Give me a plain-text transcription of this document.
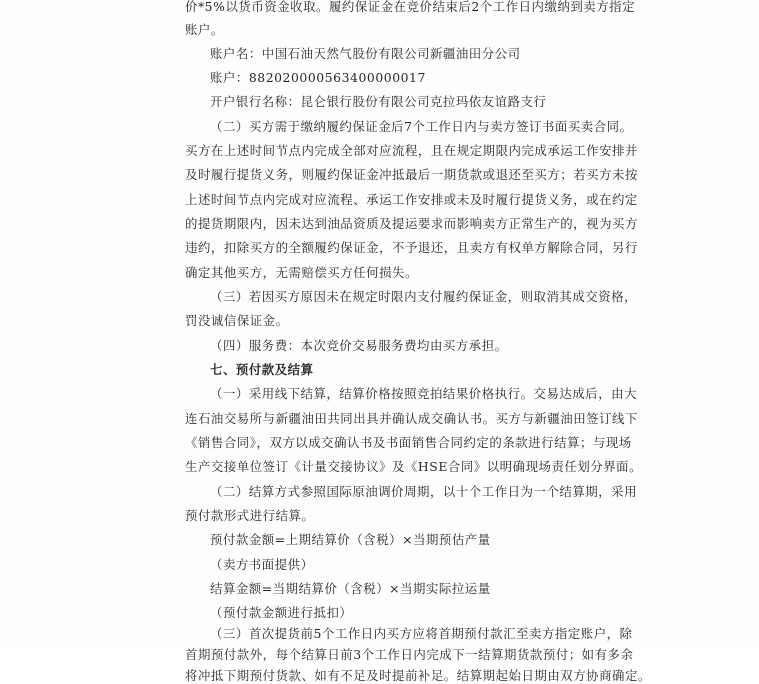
价*5%以货币资金收取。履约保证金在竞价结束后2个工作日内缴纳到卖方指定
账户。
账户名：中国石油天然气股份有限公司新疆油田分公司
账户：882020000563400000017
开户银行名称：昆仑银行股份有限公司克拉玛依友谊路支行
（二）买方需于缴纳履约保证金后7个工作日内与卖方签订书面买卖合同。
买方在上述时间节点内完成全部对应流程，且在规定期限内完成承运工作安排并
及时履行提货义务，则履约保证金冲抵最后一期货款或退还至买方；若买方未按
上述时间节点内完成对应流程、承运工作安排或未及时履行提货义务，或在约定
的提货期限内，因未达到油品资质及提运要求而影响卖方正常生产的，视为买方
违约，扣除买方的全额履约保证金，不予退还，且卖方有权单方解除合同，另行
确定其他买方，无需赔偿买方任何损失。
（三）若因买方原因未在规定时限内支付履约保证金，则取消其成交资格，
罚没诚信保证金。
（四）服务费：本次竞价交易服务费均由买方承担。
七、预付款及结算
（一）采用线下结算，结算价格按照竞拍结果价格执行。交易达成后，由大
连石油交易所与新疆油田共同出具并确认成交确认书。买方与新疆油田签订线下
《销售合同》，双方以成交确认书及书面销售合同约定的条款进行结算；与现场
生产交接单位签订《计量交接协议》及《HSE合同》以明确现场责任划分界面。
（二）结算方式参照国际原油调价周期，以十个工作日为一个结算期，采用
预付款形式进行结算。
预付款金额=上期结算价（含税）×当期预估产量
（卖方书面提供）
结算金额=当期结算价（含税）×当期实际拉运量
（预付款金额进行抵扣）
（三）首次提货前5个工作日内买方应将首期预付款汇至卖方指定账户，除
首期预付款外，每个结算日前3个工作日内完成下一结算期货款预付；如有多余
将冲抵下期预付货款、如有不足及时提前补足。结算期起始日期由双方协商确定。
